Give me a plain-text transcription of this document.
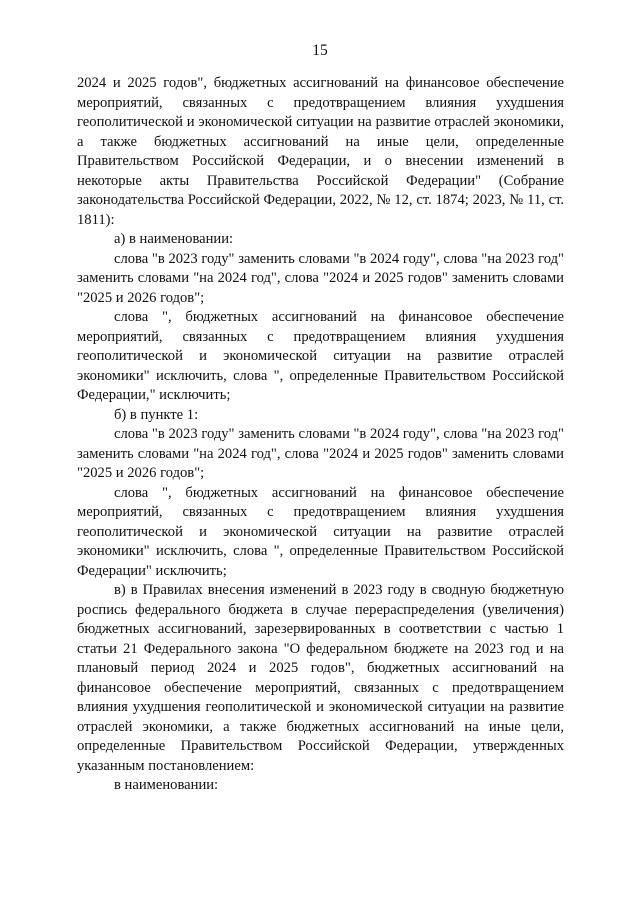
15

2024 и 2025 годов", бюджетных ассигнований на финансовое обеспечение мероприятий, связанных с предотвращением влияния ухудшения геополитической и экономической ситуации на развитие отраслей экономики, а также бюджетных ассигнований на иные цели, определенные Правительством Российской Федерации, и о внесении изменений в некоторые акты Правительства Российской Федерации" (Собрание законодательства Российской Федерации, 2022, № 12, ст. 1874; 2023, № 11, ст. 1811):

а) в наименовании:

слова "в 2023 году" заменить словами "в 2024 году", слова "на 2023 год" заменить словами "на 2024 год", слова "2024 и 2025 годов" заменить словами "2025 и 2026 годов";

слова ", бюджетных ассигнований на финансовое обеспечение мероприятий, связанных с предотвращением влияния ухудшения геополитической и экономической ситуации на развитие отраслей экономики" исключить, слова ", определенные Правительством Российской Федерации," исключить;

б) в пункте 1:

слова "в 2023 году" заменить словами "в 2024 году", слова "на 2023 год" заменить словами "на 2024 год", слова "2024 и 2025 годов" заменить словами "2025 и 2026 годов";

слова ", бюджетных ассигнований на финансовое обеспечение мероприятий, связанных с предотвращением влияния ухудшения геополитической и экономической ситуации на развитие отраслей экономики" исключить, слова ", определенные Правительством Российской Федерации" исключить;

в) в Правилах внесения изменений в 2023 году в сводную бюджетную роспись федерального бюджета в случае перераспределения (увеличения) бюджетных ассигнований, зарезервированных в соответствии с частью 1 статьи 21 Федерального закона "О федеральном бюджете на 2023 год и на плановый период 2024 и 2025 годов", бюджетных ассигнований на финансовое обеспечение мероприятий, связанных с предотвращением влияния ухудшения геополитической и экономической ситуации на развитие отраслей экономики, а также бюджетных ассигнований на иные цели, определенные Правительством Российской Федерации, утвержденных указанным постановлением:

в наименовании:
